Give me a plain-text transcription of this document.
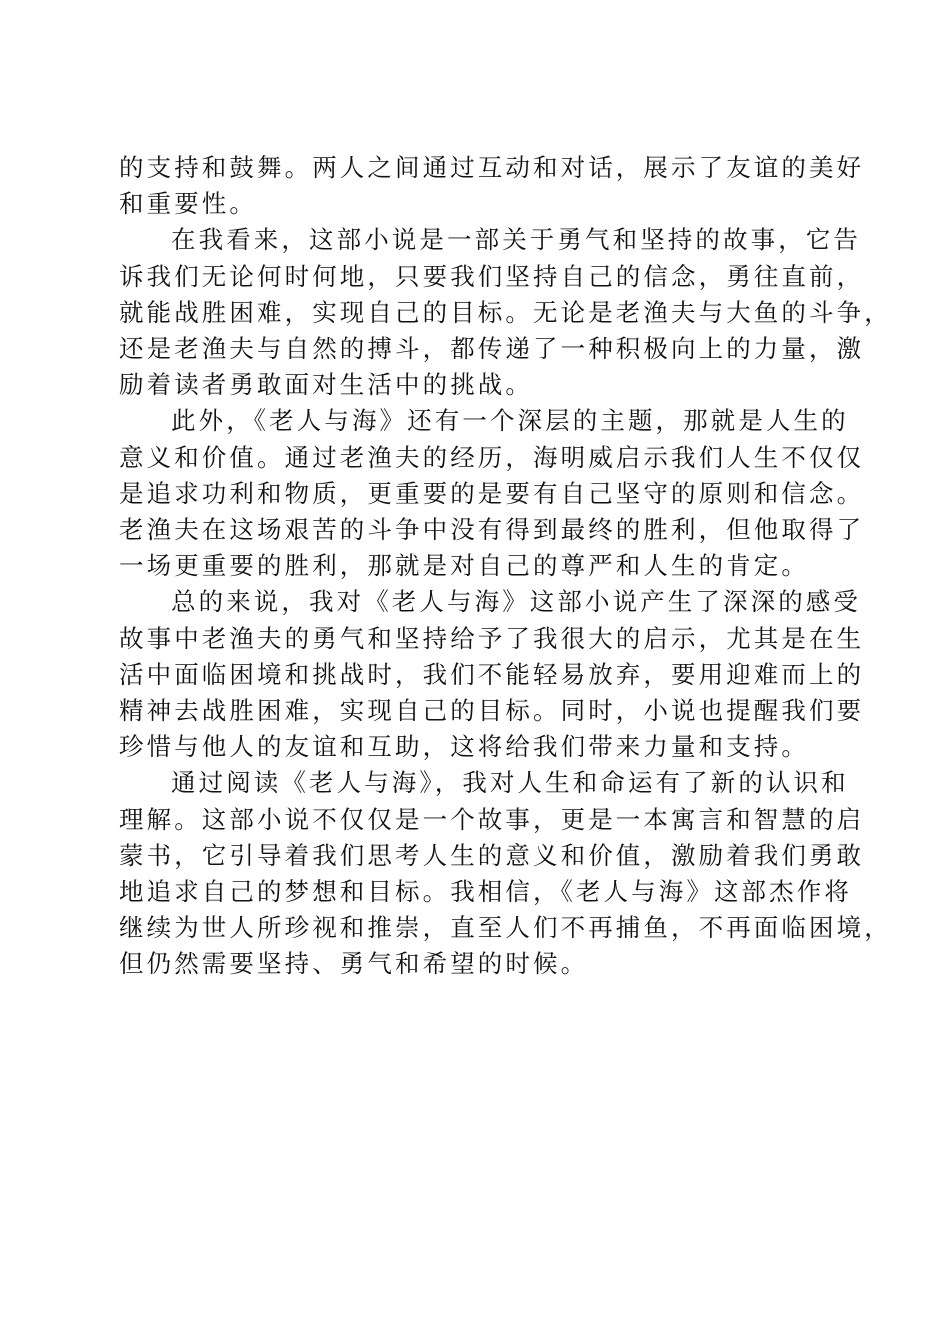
的支持和鼓舞。两人之间通过互动和对话，展示了友谊的美好
和重要性。

在我看来，这部小说是一部关于勇气和坚持的故事，它告
诉我们无论何时何地，只要我们坚持自己的信念，勇往直前，
就能战胜困难，实现自己的目标。无论是老渔夫与大鱼的斗争，
还是老渔夫与自然的搏斗，都传递了一种积极向上的力量，激
励着读者勇敢面对生活中的挑战。

此外，《老人与海》还有一个深层的主题，那就是人生的
意义和价值。通过老渔夫的经历，海明威启示我们人生不仅仅
是追求功利和物质，更重要的是要有自己坚守的原则和信念。
老渔夫在这场艰苦的斗争中没有得到最终的胜利，但他取得了
一场更重要的胜利，那就是对自己的尊严和人生的肯定。

总的来说，我对《老人与海》这部小说产生了深深的感受
故事中老渔夫的勇气和坚持给予了我很大的启示，尤其是在生
活中面临困境和挑战时，我们不能轻易放弃，要用迎难而上的
精神去战胜困难，实现自己的目标。同时，小说也提醒我们要
珍惜与他人的友谊和互助，这将给我们带来力量和支持。

通过阅读《老人与海》，我对人生和命运有了新的认识和
理解。这部小说不仅仅是一个故事，更是一本寓言和智慧的启
蒙书，它引导着我们思考人生的意义和价值，激励着我们勇敢
地追求自己的梦想和目标。我相信，《老人与海》这部杰作将
继续为世人所珍视和推崇，直至人们不再捕鱼，不再面临困境，
但仍然需要坚持、勇气和希望的时候。
